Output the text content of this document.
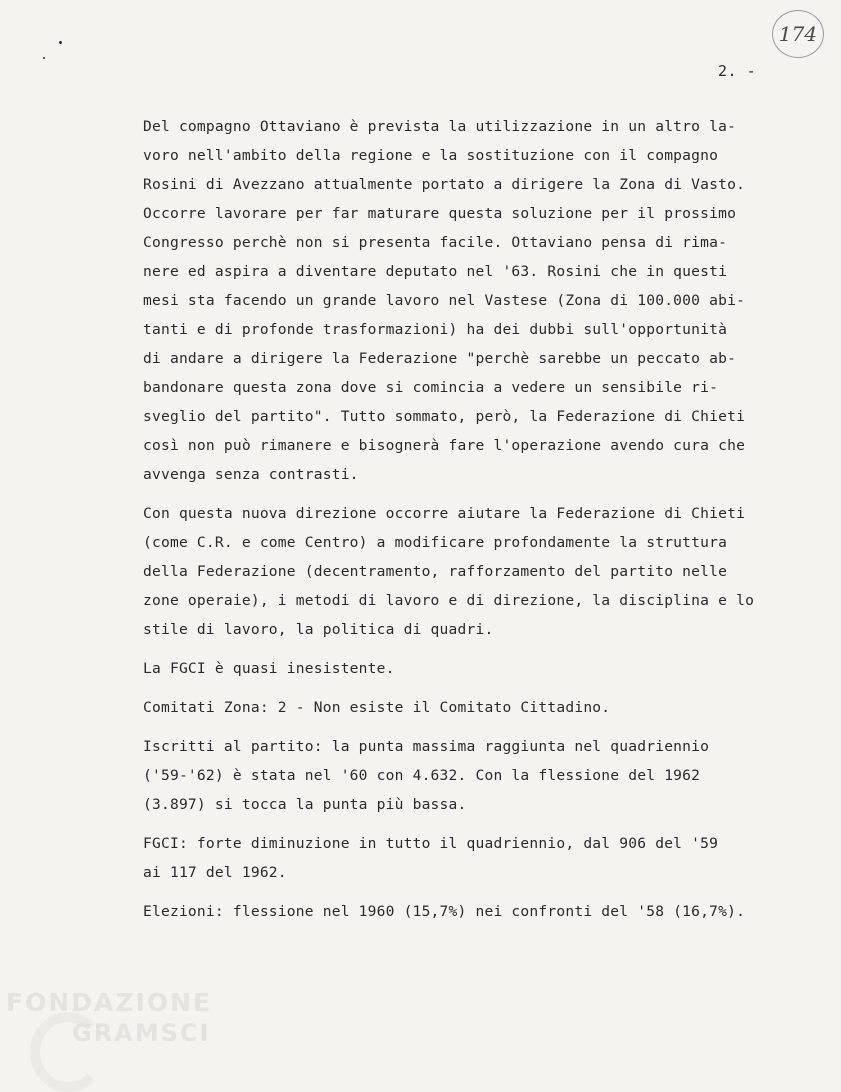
174
2. -

Del compagno Ottaviano è prevista la utilizzazione in un altro la-
voro nell'ambito della regione e la sostituzione con il compagno
Rosini di Avezzano attualmente portato a dirigere la Zona di Vasto.
Occorre lavorare per far maturare questa soluzione per il prossimo
Congresso perchè non si presenta facile. Ottaviano pensa di rima-
nere ed aspira a diventare deputato nel '63. Rosini che in questi
mesi sta facendo un grande lavoro nel Vastese (Zona di 100.000 abi-
tanti e di profonde trasformazioni) ha dei dubbi sull'opportunità
di andare a dirigere la Federazione "perchè sarebbe un peccato ab-
bandonare questa zona dove si comincia a vedere un sensibile ri-
sveglio del partito". Tutto sommato, però, la Federazione di Chieti
così non può rimanere e bisognerà fare l'operazione avendo cura che
avvenga senza contrasti.

Con questa nuova direzione occorre aiutare la Federazione di Chieti
(come C.R. e come Centro) a modificare profondamente la struttura
della Federazione (decentramento, rafforzamento del partito nelle
zone operaie), i metodi di lavoro e di direzione, la disciplina e lo
stile di lavoro, la politica di quadri.

La FGCI è quasi inesistente.

Comitati Zona: 2 - Non esiste il Comitato Cittadino.

Iscritti al partito: la punta massima raggiunta nel quadriennio
('59-'62) è stata nel '60 con 4.632. Con la flessione del 1962
(3.897) si tocca la punta più bassa.

FGCI: forte diminuzione in tutto il quadriennio, dal 906 del '59
ai 117 del 1962.

Elezioni: flessione nel 1960 (15,7%) nei confronti del '58 (16,7%).

FONDAZIONE
GRAMSCI
